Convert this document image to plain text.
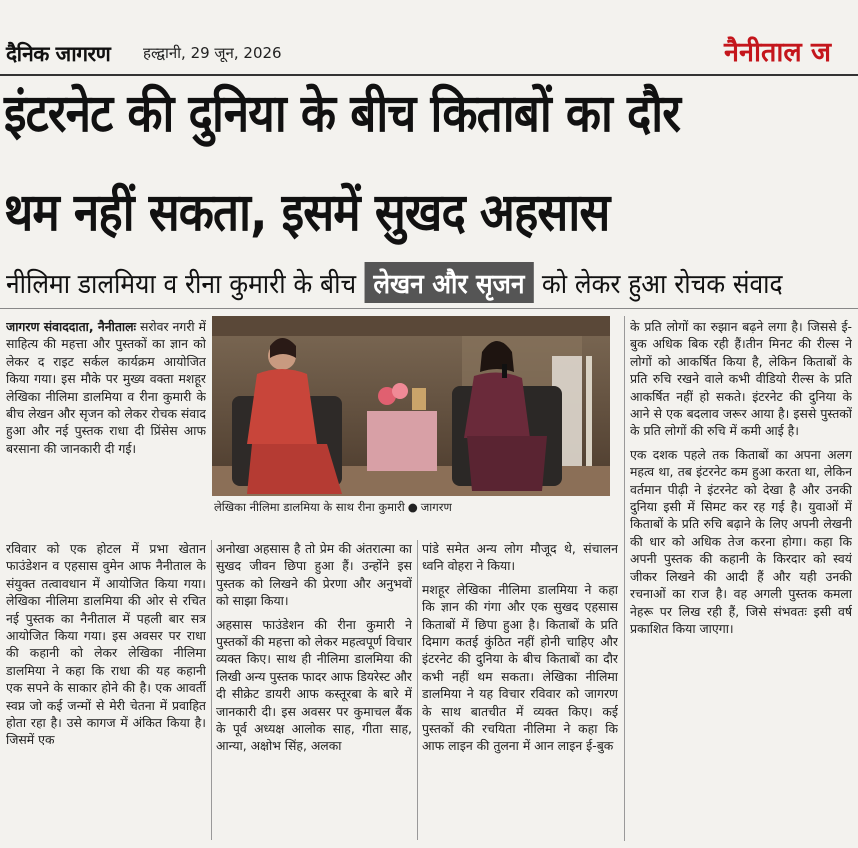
दैनिक जागरण हल्द्वानी, 29 जून, 2026	नैनीताल ज
इंटरनेट की दुनिया के बीच किताबों का दौर
थम नहीं सकता, इसमें सुखद अहसास
नीलिमा डालमिया व रीना कुमारी के बीच लेखन और सृजन को लेकर हुआ रोचक संवाद

जागरण संवाददाता, नैनीतालः सरोवर नगरी में साहित्य की महत्ता और पुस्तकों का ज्ञान को लेकर द राइट सर्कल कार्यक्रम आयोजित किया गया। इस मौके पर मुख्य वक्ता मशहूर लेखिका नीलिमा डालमिया व रीना कुमारी के बीच लेखन और सृजन को लेकर रोचक संवाद हुआ और नई पुस्तक राधा दी प्रिंसेस आफ बरसाना की जानकारी दी गई।

लेखिका नीलिमा डालमिया के साथ रीना कुमारी ● जागरण

रविवार को एक होटल में प्रभा खेतान फाउंडेशन व एहसास वुमेन आफ नैनीताल के संयुक्त तत्वावधान में आयोजित किया गया। लेखिका नीलिमा डालमिया की ओर से रचित नई पुस्तक का नैनीताल में पहली बार सत्र आयोजित किया गया। इस अवसर पर राधा की कहानी को लेकर लेखिका नीलिमा डालमिया ने कहा कि राधा की यह कहानी एक सपने के साकार होने की है। एक आवर्ती स्वप्न जो कई जन्मों से मेरी चेतना में प्रवाहित होता रहा है। उसे कागज में अंकित किया है। जिसमें एक

अनोखा अहसास है तो प्रेम की अंतरात्मा का सुखद जीवन छिपा हुआ हैं। उन्होंने इस पुस्तक को लिखने की प्रेरणा और अनुभवों को साझा किया।

अहसास फाउंडेशन की रीना कुमारी ने पुस्तकों की महत्ता को लेकर महत्वपूर्ण विचार व्यक्त किए। साथ ही नीलिमा डालमिया की लिखी अन्य पुस्तक फादर आफ डियरेस्ट और दी सीक्रेट डायरी आफ कस्तूरबा के बारे में जानकारी दी। इस अवसर पर कुमाचल बैंक के पूर्व अध्यक्ष आलोक साह, गीता साह, आन्या, अक्षोभ सिंह, अलका

पांडे समेत अन्य लोग मौजूद थे, संचालन ध्वनि वोहरा ने किया।

मशहूर लेखिका नीलिमा डालमिया ने कहा कि ज्ञान की गंगा और एक सुखद एहसास किताबों में छिपा हुआ है। किताबों के प्रति दिमाग कतई कुंठित नहीं होनी चाहिए और इंटरनेट की दुनिया के बीच किताबों का दौर कभी नहीं थम सकता। लेखिका नीलिमा डालमिया ने यह विचार रविवार को जागरण के साथ बातचीत में व्यक्त किए। कई पुस्तकों की रचयिता नीलिमा ने कहा कि आफ लाइन की तुलना में आन लाइन ई-बुक

के प्रति लोगों का रुझान बढ़ने लगा है। जिससे ई- बुक अधिक बिक रही हैं।तीन मिनट की रील्स ने लोगों को आकर्षित किया है, लेकिन किताबों के प्रति रुचि रखने वाले कभी वीडियो रील्स के प्रति आकर्षित नहीं हो सकते। इंटरनेट की दुनिया के आने से एक बदलाव जरूर आया है। इससे पुस्तकों के प्रति लोगों की रुचि में कमी आई है।

एक दशक पहले तक किताबों का अपना अलग महत्व था, तब इंटरनेट कम हुआ करता था, लेकिन वर्तमान पीढ़ी ने इंटरनेट को देखा है और उनकी दुनिया इसी में सिमट कर रह गई है। युवाओं में किताबों के प्रति रुचि बढ़ाने के लिए अपनी लेखनी की धार को अधिक तेज करना होगा। कहा कि अपनी पुस्तक की कहानी के किरदार को स्वयं जीकर लिखने की आदी हैं और यही उनकी रचनाओं का राज है। वह अगली पुस्तक कमला नेहरू पर लिख रही हैं, जिसे संभवतः इसी वर्ष प्रकाशित किया जाएगा।
